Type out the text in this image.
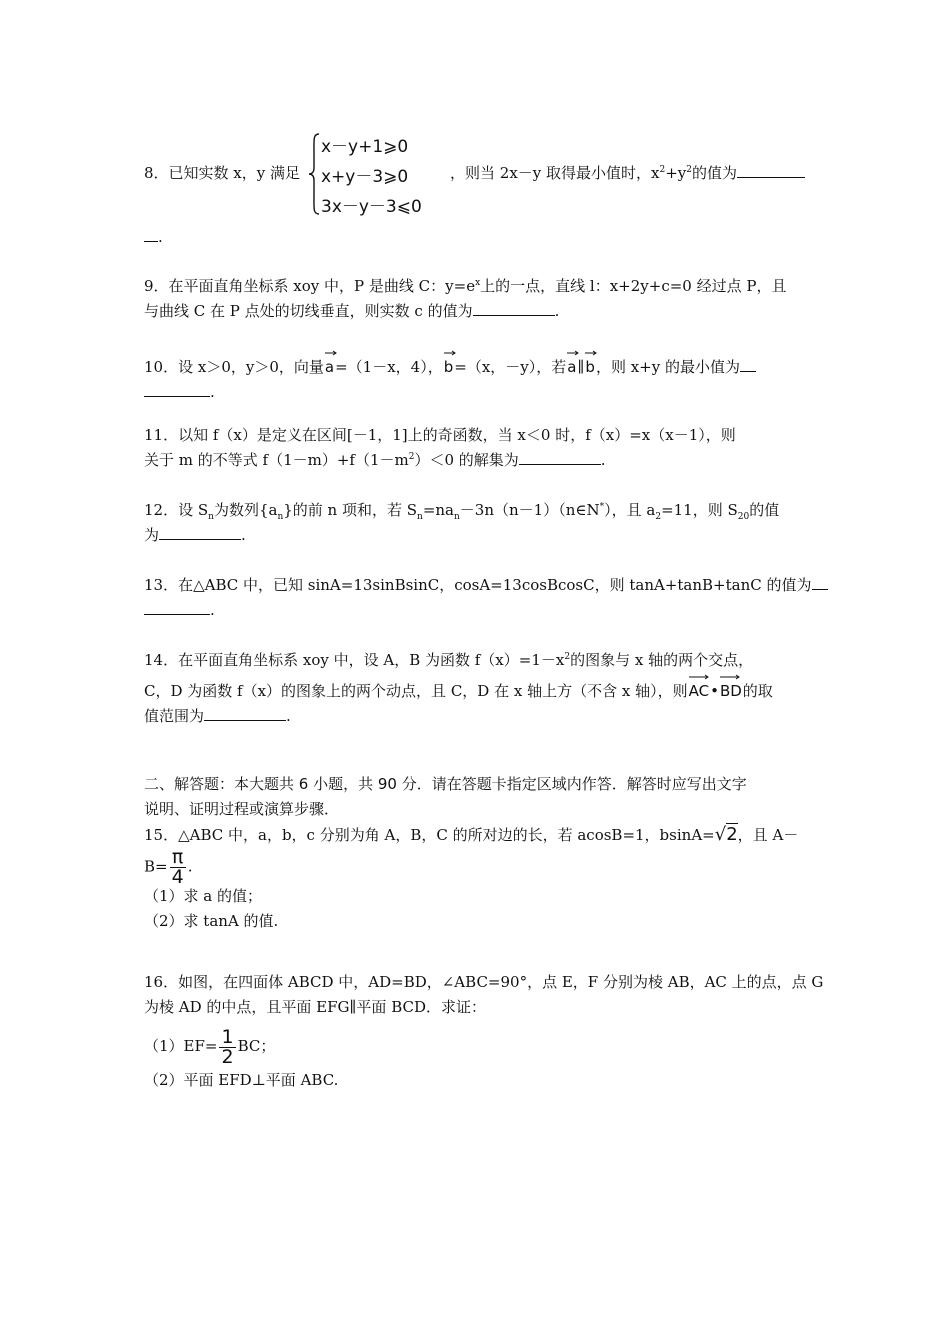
8．已知实数 x，y 满足	，则当 2x－y 取得最小值时，$x^2+y^2$的值为
x－y+1⩾0
x+y－3⩾0
3x－y－3⩽0
.
9．在平面直角坐标系 xoy 中，P 是曲线 C：$y=e^x$上的一点，直线 l：x+2y+c=0 经过点 P，且
与曲线 C 在 P 点处的切线垂直，则实数 c 的值为	.
10．设 x＞0，y＞0，向量
a=（1－x，4），
b=（x，－y），若
a∥
b，则 x+y 的最小值为
.
11．以知 f（x）是定义在区间[－1，1]上的奇函数，当 x＜0 时，f（x）=x（x－1），则
关于 m 的不等式 $f(1-m)+f(1-m^2)<0$ 的解集为	.
12．设 $S_n$为数列$\{a_n\}$的前 n 项和，若 $S_n=na_n-3n(n-1)(n\in N^*)$，且 $a_2=11$，则 $S_{20}$的值
为	.
13．在△ABC 中，已知 sinA=13sinBsinC，cosA=13cosBcosC，则 tanA+tanB+tanC 的值为
.
14．在平面直角坐标系 xoy 中，设 A，B 为函数 $f(x)=1-x^2$的图象与 x 轴的两个交点，
C，D 为函数 f（x）的图象上的两个动点，且 C，D 在 x 轴上方（不含 x 轴），则
AC•
BD的取
值范围为	.
二、解答题：本大题共 6 小题，共 90 分．请在答题卡指定区域内作答．解答时应写出文字
说明、证明过程或演算步骤．
15．△ABC 中，a，b，c 分别为角 A，B，C 的所对边的长，若 acosB=1，bsinA=√2，且 A－
$B= \frac{\pi}{4}$ .
（1）求 a 的值；
（2）求 tanA 的值.
16．如图，在四面体 ABCD 中，AD=BD，∠ABC=90°，点 E，F 分别为棱 AB，AC 上的点，点 G
为棱 AD 的中点，且平面 EFG∥平面 BCD．求证：
$(1)EF= \frac{1}{2}$ BC；
（2）平面 EFD⊥平面 ABC.
